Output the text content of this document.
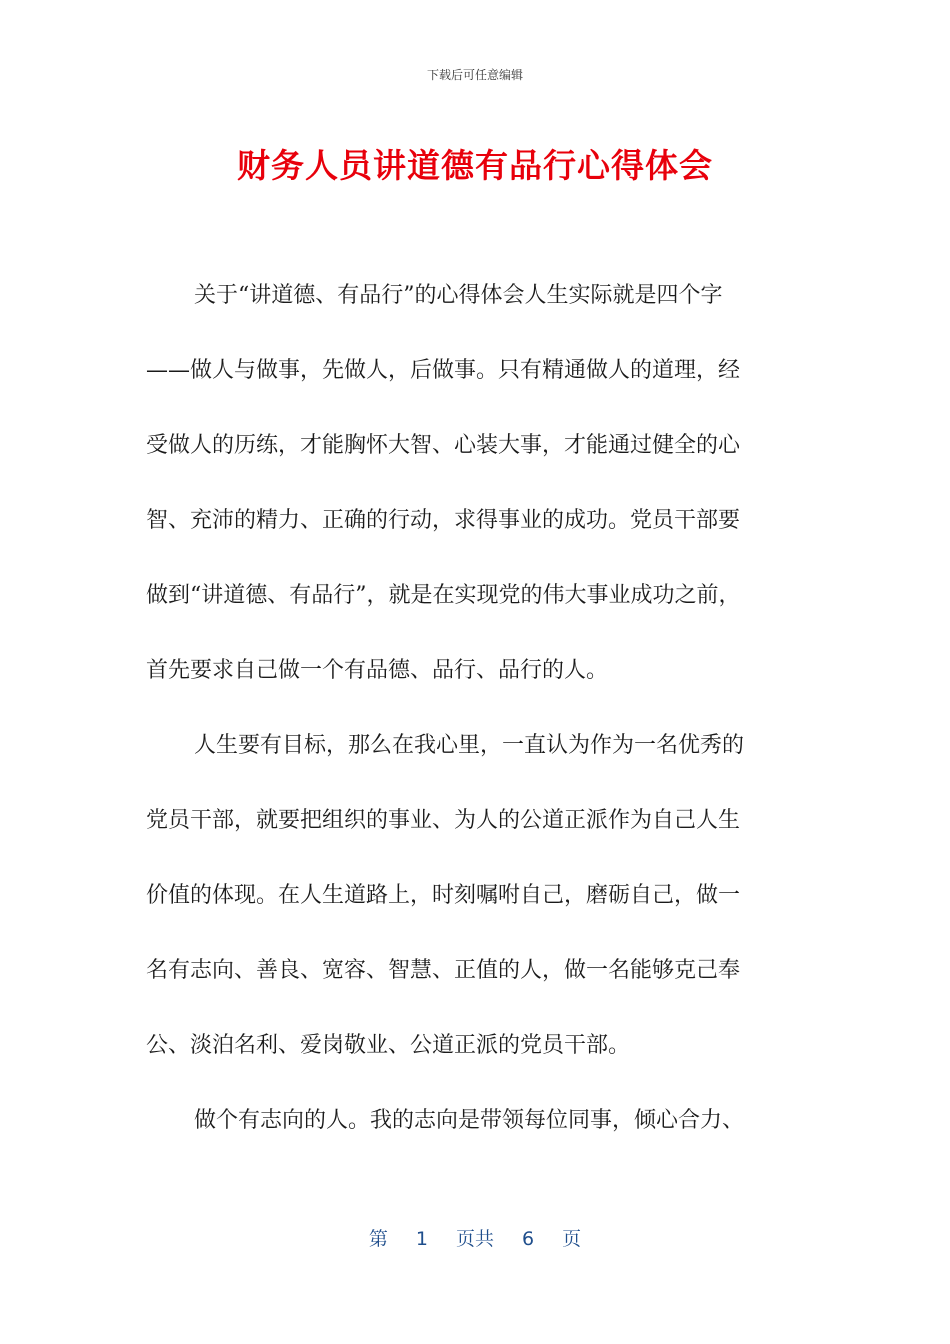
下载后可任意编辑
财务人员讲道德有品行心得体会
关于“讲道德、有品行”的心得体会人生实际就是四个字
——做人与做事，先做人，后做事。只有精通做人的道理，经
受做人的历练，才能胸怀大智、心装大事，才能通过健全的心
智、充沛的精力、正确的行动，求得事业的成功。党员干部要
做到“讲道德、有品行”，就是在实现党的伟大事业成功之前，
首先要求自己做一个有品德、品行、品行的人。
人生要有目标，那么在我心里，一直认为作为一名优秀的
党员干部，就要把组织的事业、为人的公道正派作为自己人生
价值的体现。在人生道路上，时刻嘱咐自己，磨砺自己，做一
名有志向、善良、宽容、智慧、正值的人，做一名能够克己奉
公、淡泊名利、爱岗敬业、公道正派的党员干部。
做个有志向的人。我的志向是带领每位同事，倾心合力、
第 1 页共 6 页
